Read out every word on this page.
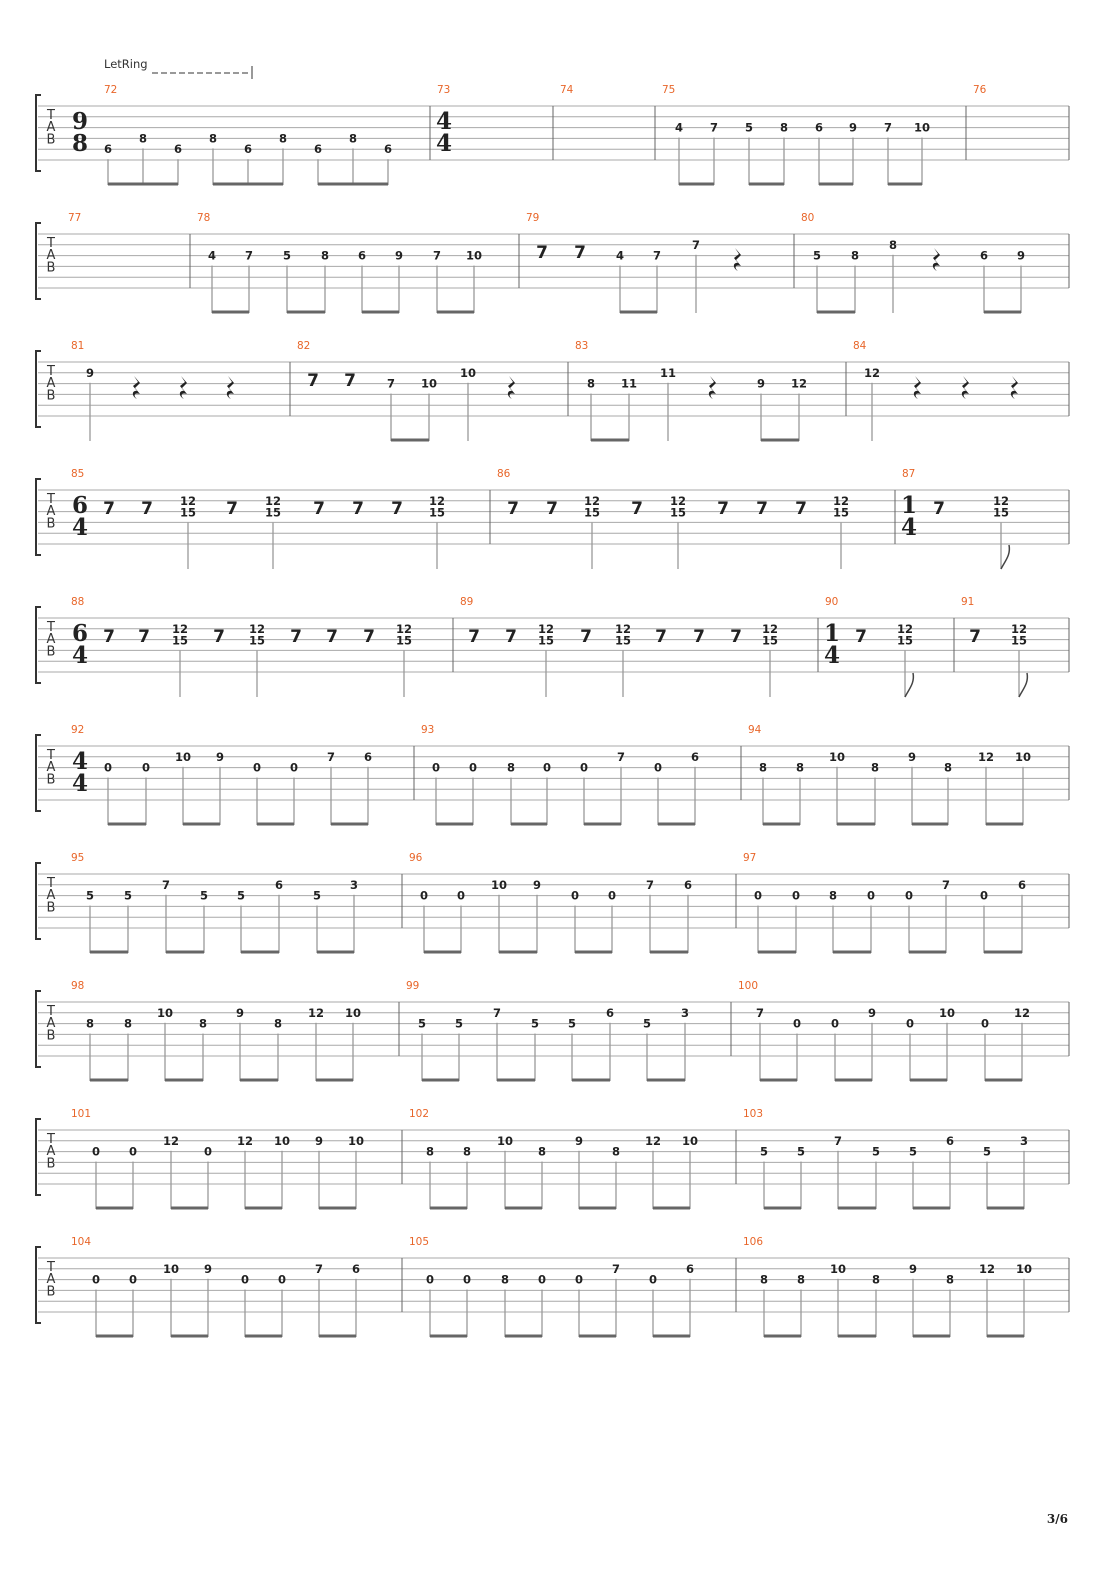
LetRing
T
A
B
72
9
8 6
8
6
8
6
8
6
8
6
73
4
4
74	75
4 7 5 8 6 9 7 10
76
T
A
B
77	78
4	7	5	8	6	9	7 10
79
7 7	4	7
7
80
5	8
8
6	9
T
A
B
81
9
82
7 7	7 10
10
83
8 11
11
9 12
84
12
T
A
B
85
6
4
7 7 12
15 7 12
15 7 7 7 12
15
86
7 7 12
15 7 12
15 7 7 7 12
15
87
1
4
7	12
15
T
A
B
88
6
4
7 7 12
15 7 12
15 7 7 7 12
15
89
7 7 12
15 7 12
15 7 7 7 12
15
90
1
4
7	12
15
91
7	12
15
T
A
B
92
4
4
0	0
10 9
0	0
7	6
93
0	0	8 0	0
7
0
6
94
8	8
10
8
9
8
12 10
T
A
B
95
5	5
7
5	5
6
5
3
96
0	0
10 9
0	0
7	6
97
0	0	8	0	0
7
0
6
T
A
B
98
8	8
10
8
9
8
12 10
99
5	5
7
5	5
6
5
3
100
7
0	0
9
0
10
0
12
T
A
B
101
0	0
12
0
12 10 9 10
102
8	8
10
8
9
8
12 10
103
5	5
7
5	5
6
5
3
T
A
B
104
0	0
10 9
0	0
7	6
105
0	0	8	0	0
7
0
6
106
8	8
10
8
9
8
12 10
3/6
